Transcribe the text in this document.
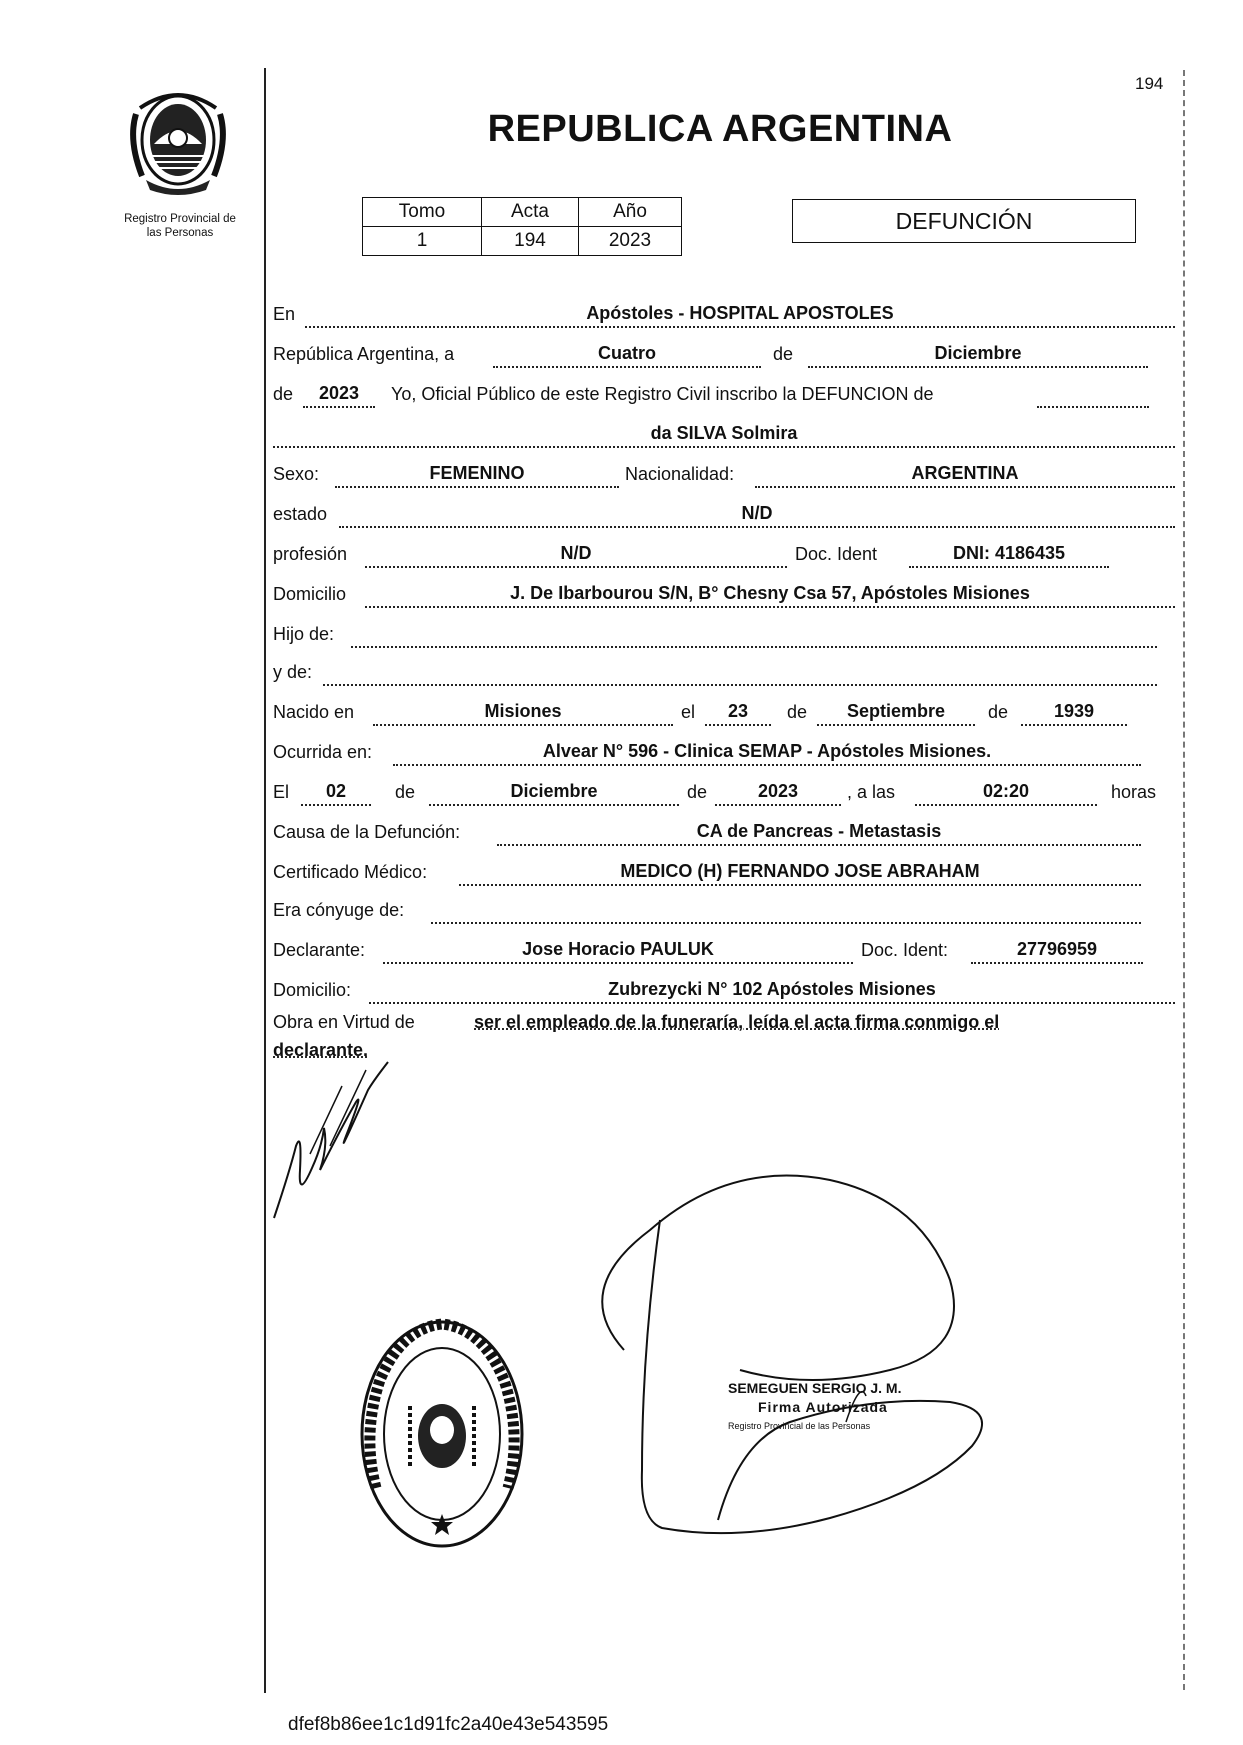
194
Registro Provincial de
las Personas
REPUBLICA ARGENTINA
Tomo	Acta	Año
1	194	2023
DEFUNCIÓN
En	Apóstoles - HOSPITAL APOSTOLES
República Argentina, a	Cuatro	de	Diciembre
de	2023	Yo, Oficial Público de este Registro Civil inscribo la DEFUNCION de
da SILVA Solmira
Sexo:	FEMENINO	Nacionalidad:	ARGENTINA
estado	N/D
profesión	N/D	Doc. Ident	DNI: 4186435
Domicilio	J. De Ibarbourou S/N, B° Chesny Csa 57, Apóstoles Misiones
Hijo de:
y de:
Nacido en	Misiones	el	23	de	Septiembre	de	1939
Ocurrida en:	Alvear N° 596 - Clinica SEMAP - Apóstoles Misiones.
El	02	de	Diciembre	de	2023	, a las	02:20	horas
Causa de la Defunción:	CA de Pancreas - Metastasis
Certificado Médico:	MEDICO (H) FERNANDO JOSE ABRAHAM
Era cónyuge de:
Declarante:	Jose Horacio PAULUK	Doc. Ident:	27796959
Domicilio:	Zubrezycki N° 102 Apóstoles Misiones
Obra en Virtud de	ser el empleado de la funeraría, leída el acta firma conmigo el
declarante.
SEMEGUEN SERGIO J. M.
Firma Autorizada
Registro Provincial de las Personas
dfef8b86ee1c1d91fc2a40e43e543595
